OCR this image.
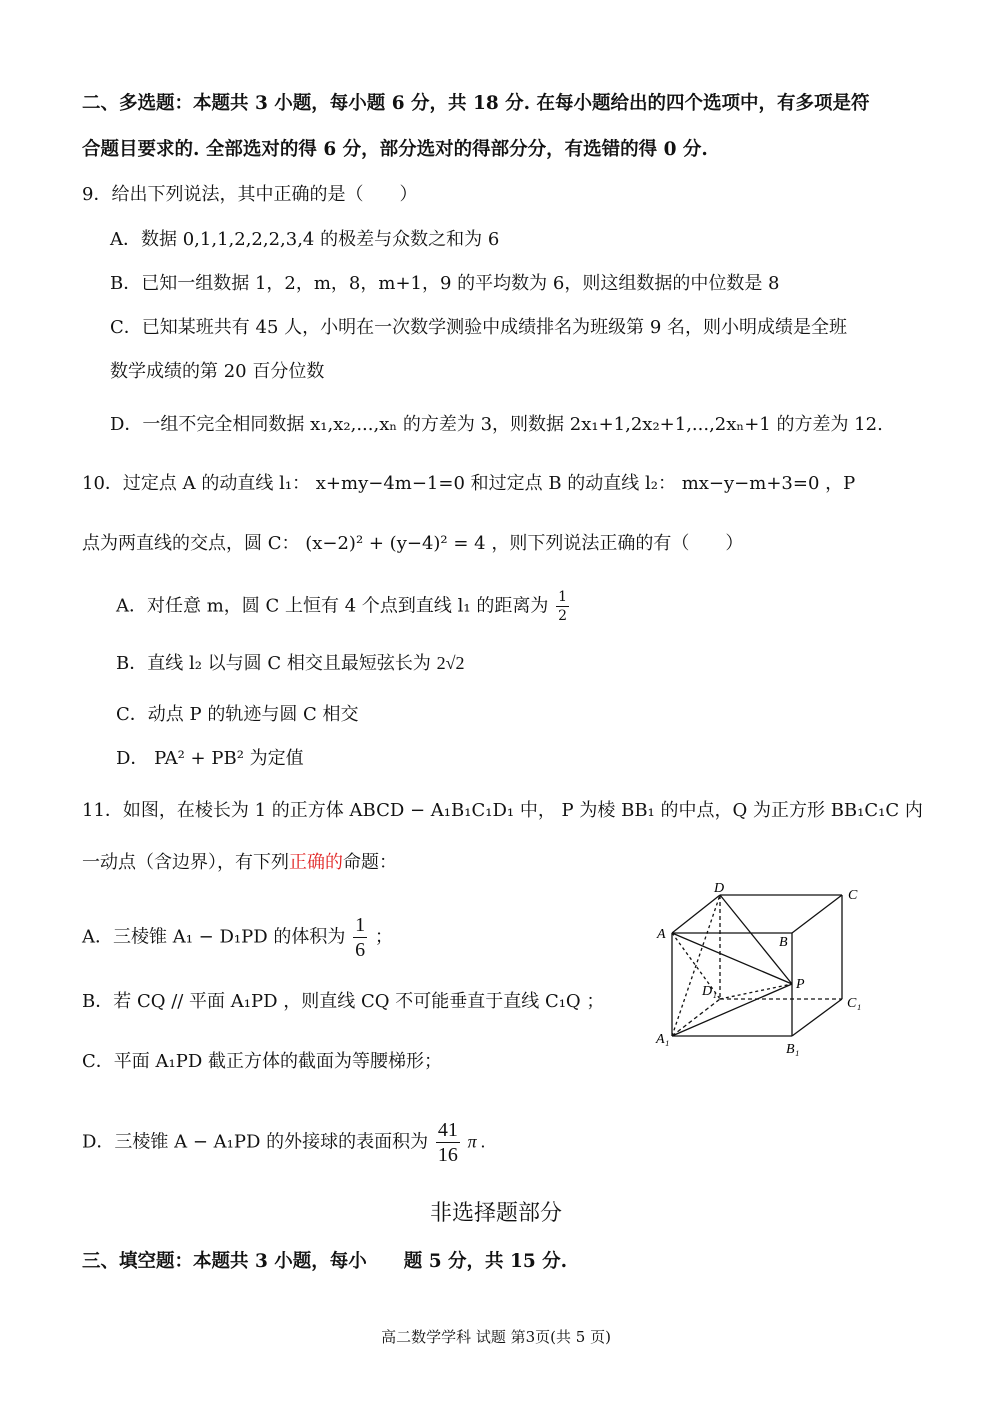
二、多选题：本题共 3 小题，每小题 6 分，共 18 分. 在每小题给出的四个选项中，有多项是符
合题目要求的. 全部选对的得 6 分，部分选对的得部分分，有选错的得 0 分.
9．给出下列说法，其中正确的是（　　）
A．数据 0,1,1,2,2,2,3,4 的极差与众数之和为 6
B．已知一组数据 1，2，m，8，m+1，9 的平均数为 6，则这组数据的中位数是 8
C．已知某班共有 45 人，小明在一次数学测验中成绩排名为班级第 9 名，则小明成绩是全班
数学成绩的第 20 百分位数
D．一组不完全相同数据 x₁,x₂,...,xₙ 的方差为 3，则数据 2x₁+1,2x₂+1,...,2xₙ+1 的方差为 12.
10．过定点 A 的动直线 l₁： x+my−4m−1=0 和过定点 B 的动直线 l₂： mx−y−m+3=0 ，P
点为两直线的交点，圆 C： (x−2)² + (y−4)² = 4 ，则下列说法正确的有（　　）
A．对任意 m，圆 C 上恒有 4 个点到直线 l₁ 的距离为 $\frac{1}{2}$
B．直线 l₂ 以与圆 C 相交且最短弦长为 2√2
C．动点 P 的轨迹与圆 C 相交
D． PA² + PB² 为定值
11．如图，在棱长为 1 的正方体 ABCD − A₁B₁C₁D₁ 中， P 为棱 BB₁ 的中点，Q 为正方形 BB₁C₁C 内
一动点（含边界），有下列正确的命题：
A．三棱锥 A₁ − D₁PD 的体积为 $\frac{1}{6}$ ；
B．若 CQ // 平面 A₁PD ，则直线 CQ 不可能垂直于直线 C₁Q ；
C．平面 A₁PD 截正方体的截面为等腰梯形；
D．三棱锥 A − A₁PD 的外接球的表面积为 $\frac{41}{16}$ π .
D	C
A
B
P
D₁
C₁
A₁
B₁
非选择题部分
三、填空题：本题共 3 小题，每小　　题 5 分，共 15 分.
高二数学学科 试题 第3页(共 5 页)
